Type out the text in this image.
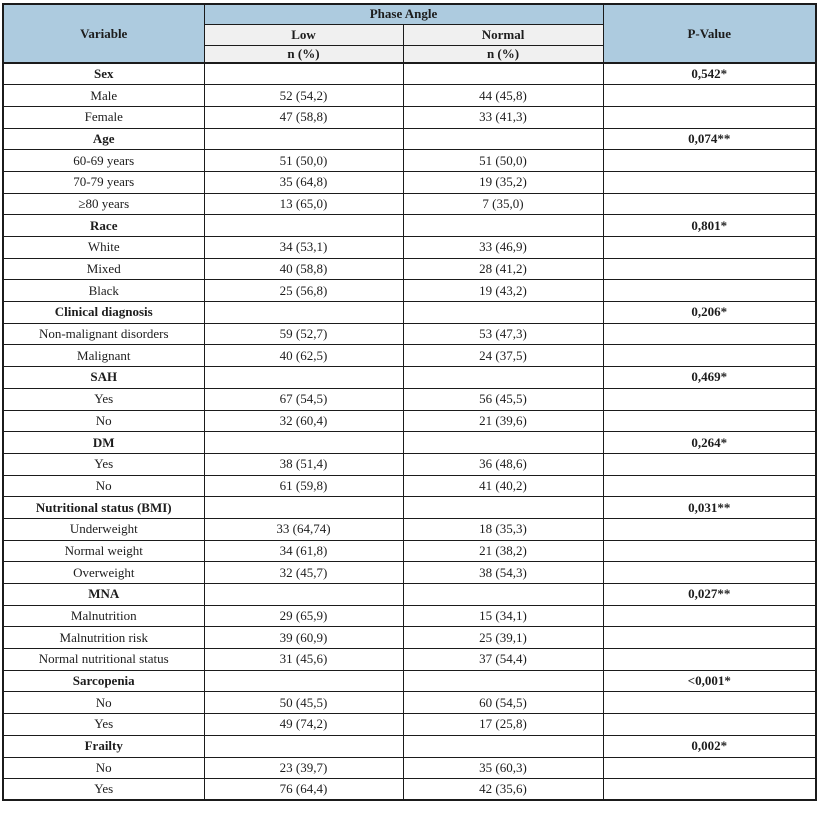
Variable	Phase Angle		P-Value
	Low	Normal	
	n (%)	n (%)	
Sex			0,542*
Male	52 (54,2)	44 (45,8)	
Female	47 (58,8)	33 (41,3)	
Age			0,074**
60-69 years	51 (50,0)	51 (50,0)	
70-79 years	35 (64,8)	19 (35,2)	
≥80 years	13 (65,0)	7 (35,0)	
Race			0,801*
White	34 (53,1)	33 (46,9)	
Mixed	40 (58,8)	28 (41,2)	
Black	25 (56,8)	19 (43,2)	
Clinical diagnosis			0,206*
Non-malignant disorders	59 (52,7)	53 (47,3)	
Malignant	40 (62,5)	24 (37,5)	
SAH			0,469*
Yes	67 (54,5)	56 (45,5)	
No	32 (60,4)	21 (39,6)	
DM			0,264*
Yes	38 (51,4)	36 (48,6)	
No	61 (59,8)	41 (40,2)	
Nutritional status (BMI)			0,031**
Underweight	33 (64,74)	18 (35,3)	
Normal weight	34 (61,8)	21 (38,2)	
Overweight	32 (45,7)	38 (54,3)	
MNA			0,027**
Malnutrition	29 (65,9)	15 (34,1)	
Malnutrition risk	39 (60,9)	25 (39,1)	
Normal nutritional status	31 (45,6)	37 (54,4)	
Sarcopenia			<0,001*
No	50 (45,5)	60 (54,5)	
Yes	49 (74,2)	17 (25,8)	
Frailty			0,002*
No	23 (39,7)	35 (60,3)	
Yes	76 (64,4)	42 (35,6)	
